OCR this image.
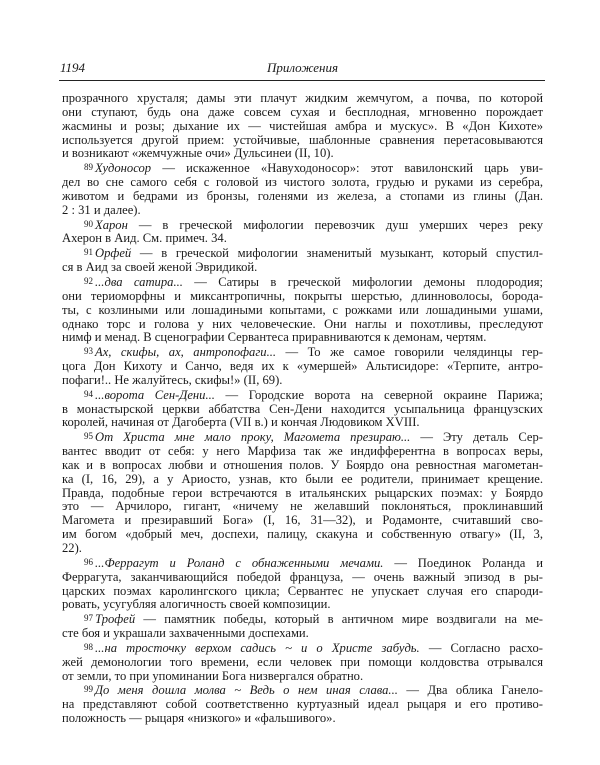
1194	Приложения
прозрачного хрусталя; дамы эти плачут жидким жемчугом, а почва, по которой
они ступают, будь она даже совсем сухая и бесплодная, мгновенно порождает
жасмины и розы; дыхание их — чистейшая амбра и мускус». В «Дон Кихоте»
используется другой прием: устойчивые, шаблонные сравнения перетасовываются
и возникают «жемчужные очи» Дульсинеи (II, 10).
89 Худоносор — искаженное «Навуходоносор»: этот вавилонский царь уви-
дел во сне самого себя с головой из чистого золота, грудью и руками из серебра,
животом и бедрами из бронзы, голенями из железа, а стопами из глины (Дан.
2 : 31 и далее).
90 Харон — в греческой мифологии перевозчик душ умерших через реку
Ахерон в Аид. См. примеч. 34.
91 Орфей — в греческой мифологии знаменитый музыкант, который спустил-
ся в Аид за своей женой Эвридикой.
92 ...два сатира... — Сатиры в греческой мифологии демоны плодородия;
они териоморфны и миксантропичны, покрыты шерстью, длинноволосы, борода-
ты, с козлиными или лошадиными копытами, с рожками или лошадиными ушами,
однако торс и голова у них человеческие. Они наглы и похотливы, преследуют
нимф и менад. В сценографии Сервантеса приравниваются к демонам, чертям.
93 Ах, скифы, ах, антропофаги... — То же самое говорили челядинцы гер-
цога Дон Кихоту и Санчо, ведя их к «умершей» Альтисидоре: «Терпите, антро-
пофаги!.. Не жалуйтесь, скифы!» (II, 69).
94 ...ворота Сен-Дени... — Городские ворота на северной окраине Парижа;
в монастырской церкви аббатства Сен-Дени находится усыпальница французских
королей, начиная от Дагоберта (VII в.) и кончая Людовиком XVIII.
95 От Христа мне мало проку, Магомета презираю... — Эту деталь Сер-
вантес вводит от себя: у него Марфиза так же индифферентна в вопросах веры,
как и в вопросах любви и отношения полов. У Боярдо она ревностная магометан-
ка (I, 16, 29), а у Ариосто, узнав, кто были ее родители, принимает крещение.
Правда, подобные герои встречаются в итальянских рыцарских поэмах: у Боярдо
это — Арчилоро, гигант, «ничему не желавший поклоняться, проклинавший
Магомета и презиравший Бога» (I, 16, 31—32), и Родамонте, считавший сво-
им богом «добрый меч, доспехи, палицу, скакуна и собственную отвагу» (II, 3,
22).
96 ...Феррагут и Роланд с обнаженными мечами. — Поединок Роланда и
Феррагута, заканчивающийся победой француза, — очень важный эпизод в ры-
царских поэмах каролингского цикла; Сервантес не упускает случая его спароди-
ровать, усугубляя алогичность своей композиции.
97 Трофей — памятник победы, который в античном мире воздвигали на ме-
сте боя и украшали захваченными доспехами.
98 ...на тросточку верхом садись ~ и о Христе забудь. — Согласно расхо-
жей демонологии того времени, если человек при помощи колдовства отрывался
от земли, то при упоминании Бога низвергался обратно.
99 До меня дошла молва ~ Ведь о нем иная слава... — Два облика Ганело-
на представляют собой соответственно куртуазный идеал рыцаря и его противо-
положность — рыцаря «низкого» и «фальшивого».
